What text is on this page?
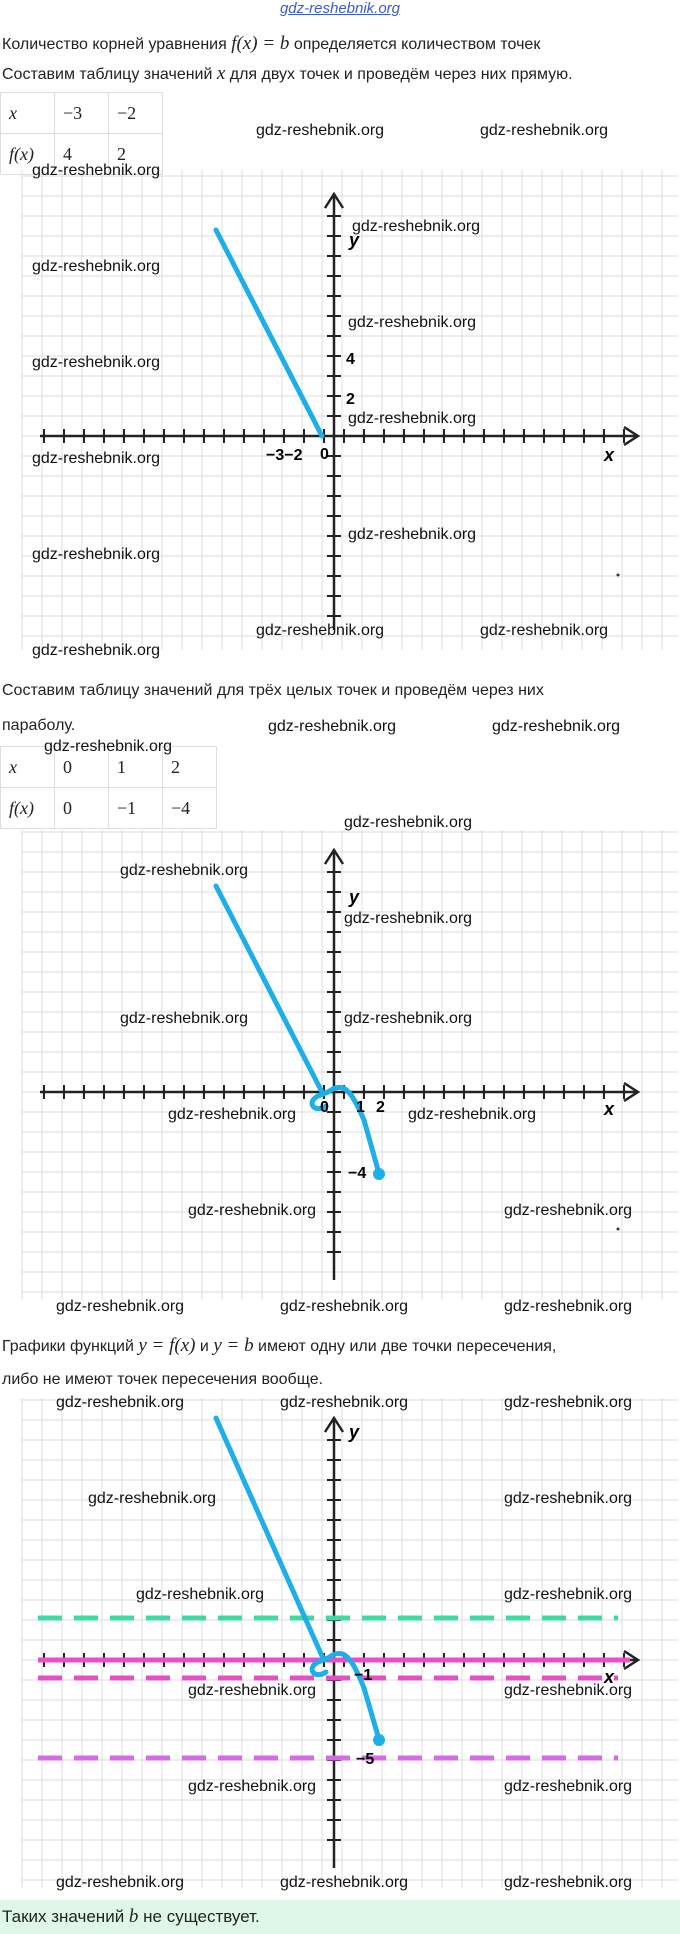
gdz-reshebnik.org
Количество корней уравнения f(x) = b определяется количеством точек
Составим таблицу значений x для двух точек и проведём через них прямую.
x	−3	−2
f(x)	4	2
y
x
−3−2 0
4
2
Составим таблицу значений для трёх целых точек и проведём через них
параболу.
x	0	1	2
f(x)	0	−1	−4
y
x
0 1 2
−4
Графики функций y = f(x) и y = b имеют одну или две точки пересечения,
либо не имеют точек пересечения вообще.
y
x
−1
−5
Таких значений b не существует.
gdz-reshebnik.org	gdz-reshebnik.org
gdz-reshebnik.org
gdz-reshebnik.org
gdz-reshebnik.org
gdz-reshebnik.org
gdz-reshebnik.org
gdz-reshebnik.org
gdz-reshebnik.org
gdz-reshebnik.org
gdz-reshebnik.org
gdz-reshebnik.org	gdz-reshebnik.org
gdz-reshebnik.org
gdz-reshebnik.org	gdz-reshebnik.org
gdz-reshebnik.org
gdz-reshebnik.org
gdz-reshebnik.org
gdz-reshebnik.org
gdz-reshebnik.org	gdz-reshebnik.org
gdz-reshebnik.org	gdz-reshebnik.org
gdz-reshebnik.org	gdz-reshebnik.org
gdz-reshebnik.org	gdz-reshebnik.org	gdz-reshebnik.org
gdz-reshebnik.org	gdz-reshebnik.org	gdz-reshebnik.org
gdz-reshebnik.org	gdz-reshebnik.org
gdz-reshebnik.org	gdz-reshebnik.org
gdz-reshebnik.org	gdz-reshebnik.org
gdz-reshebnik.org	gdz-reshebnik.org
gdz-reshebnik.org	gdz-reshebnik.org	gdz-reshebnik.org
